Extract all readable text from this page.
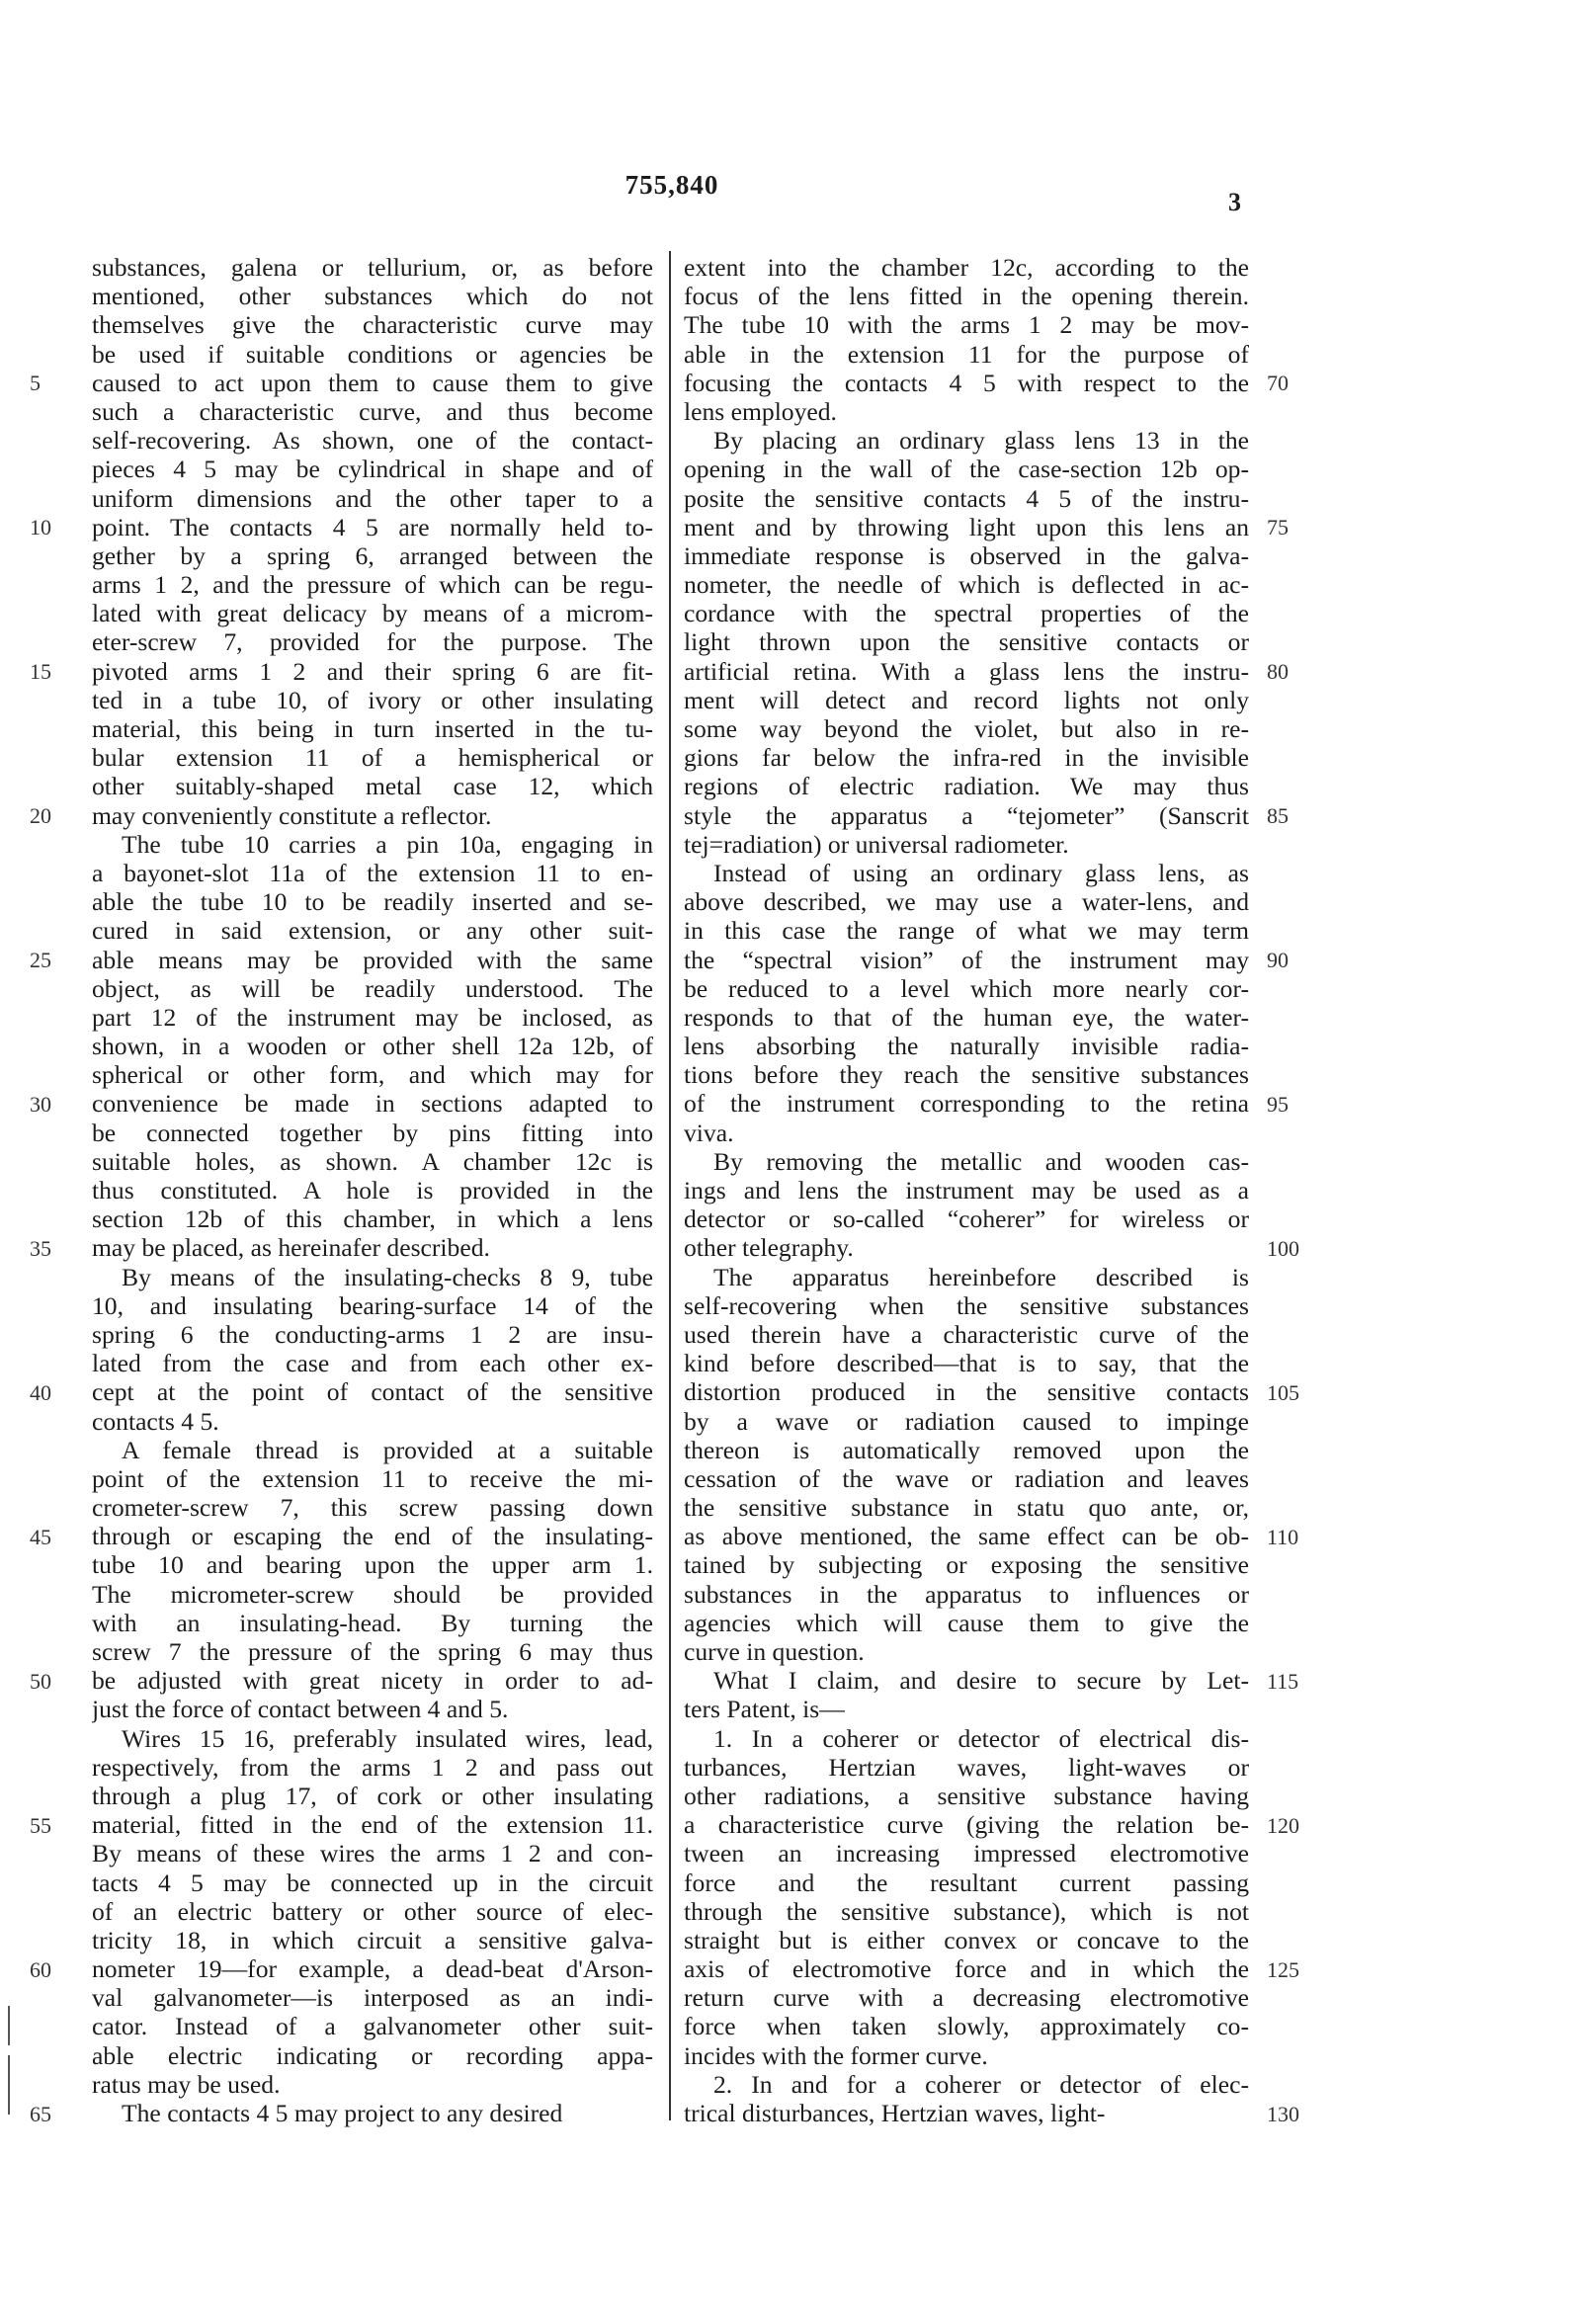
755,840
3
substances, galena or tellurium, or, as before
mentioned, other substances which do not
themselves give the characteristic curve may
be used if suitable conditions or agencies be
caused to act upon them to cause them to give
such a characteristic curve, and thus become
self-recovering. As shown, one of the contact-
pieces 4 5 may be cylindrical in shape and of
uniform dimensions and the other taper to a
point. The contacts 4 5 are normally held to-
gether by a spring 6, arranged between the
arms 1 2, and the pressure of which can be regu-
lated with great delicacy by means of a microm-
eter-screw 7, provided for the purpose. The
pivoted arms 1 2 and their spring 6 are fit-
ted in a tube 10, of ivory or other insulating
material, this being in turn inserted in the tu-
bular extension 11 of a hemispherical or
other suitably-shaped metal case 12, which
may conveniently constitute a reflector.
The tube 10 carries a pin 10a, engaging in
a bayonet-slot 11a of the extension 11 to en-
able the tube 10 to be readily inserted and se-
cured in said extension, or any other suit-
able means may be provided with the same
object, as will be readily understood. The
part 12 of the instrument may be inclosed, as
shown, in a wooden or other shell 12a 12b, of
spherical or other form, and which may for
convenience be made in sections adapted to
be connected together by pins fitting into
suitable holes, as shown. A chamber 12c is
thus constituted. A hole is provided in the
section 12b of this chamber, in which a lens
may be placed, as hereinafer described.
By means of the insulating-checks 8 9, tube
10, and insulating bearing-surface 14 of the
spring 6 the conducting-arms 1 2 are insu-
lated from the case and from each other ex-
cept at the point of contact of the sensitive
contacts 4 5.
A female thread is provided at a suitable
point of the extension 11 to receive the mi-
crometer-screw 7, this screw passing down
through or escaping the end of the insulating-
tube 10 and bearing upon the upper arm 1.
The micrometer-screw should be provided
with an insulating-head. By turning the
screw 7 the pressure of the spring 6 may thus
be adjusted with great nicety in order to ad-
just the force of contact between 4 and 5.
Wires 15 16, preferably insulated wires, lead,
respectively, from the arms 1 2 and pass out
through a plug 17, of cork or other insulating
material, fitted in the end of the extension 11.
By means of these wires the arms 1 2 and con-
tacts 4 5 may be connected up in the circuit
of an electric battery or other source of elec-
tricity 18, in which circuit a sensitive galva-
nometer 19—for example, a dead-beat d'Arson-
val galvanometer—is interposed as an indi-
cator. Instead of a galvanometer other suit-
able electric indicating or recording appa-
ratus may be used.
The contacts 4 5 may project to any desired
extent into the chamber 12c, according to the
focus of the lens fitted in the opening therein.
The tube 10 with the arms 1 2 may be mov-
able in the extension 11 for the purpose of
focusing the contacts 4 5 with respect to the
lens employed.
By placing an ordinary glass lens 13 in the
opening in the wall of the case-section 12b op-
posite the sensitive contacts 4 5 of the instru-
ment and by throwing light upon this lens an
immediate response is observed in the galva-
nometer, the needle of which is deflected in ac-
cordance with the spectral properties of the
light thrown upon the sensitive contacts or
artificial retina. With a glass lens the instru-
ment will detect and record lights not only
some way beyond the violet, but also in re-
gions far below the infra-red in the invisible
regions of electric radiation. We may thus
style the apparatus a “tejometer” (Sanscrit
tej=radiation) or universal radiometer.
Instead of using an ordinary glass lens, as
above described, we may use a water-lens, and
in this case the range of what we may term
the “spectral vision” of the instrument may
be reduced to a level which more nearly cor-
responds to that of the human eye, the water-
lens absorbing the naturally invisible radia-
tions before they reach the sensitive substances
of the instrument corresponding to the retina
viva.
By removing the metallic and wooden cas-
ings and lens the instrument may be used as a
detector or so-called “coherer” for wireless or
other telegraphy.
The apparatus hereinbefore described is
self-recovering when the sensitive substances
used therein have a characteristic curve of the
kind before described—that is to say, that the
distortion produced in the sensitive contacts
by a wave or radiation caused to impinge
thereon is automatically removed upon the
cessation of the wave or radiation and leaves
the sensitive substance in statu quo ante, or,
as above mentioned, the same effect can be ob-
tained by subjecting or exposing the sensitive
substances in the apparatus to influences or
agencies which will cause them to give the
curve in question.
What I claim, and desire to secure by Let-
ters Patent, is—
1. In a coherer or detector of electrical dis-
turbances, Hertzian waves, light-waves or
other radiations, a sensitive substance having
a characteristice curve (giving the relation be-
tween an increasing impressed electromotive
force and the resultant current passing
through the sensitive substance), which is not
straight but is either convex or concave to the
axis of electromotive force and in which the
return curve with a decreasing electromotive
force when taken slowly, approximately co-
incides with the former curve.
2. In and for a coherer or detector of elec-
trical disturbances, Hertzian waves, light-
5
10
15
20
25
30
35
40
45
50
55
60
65
70
75
80
85
90
95
100
105
110
115
120
125
130
